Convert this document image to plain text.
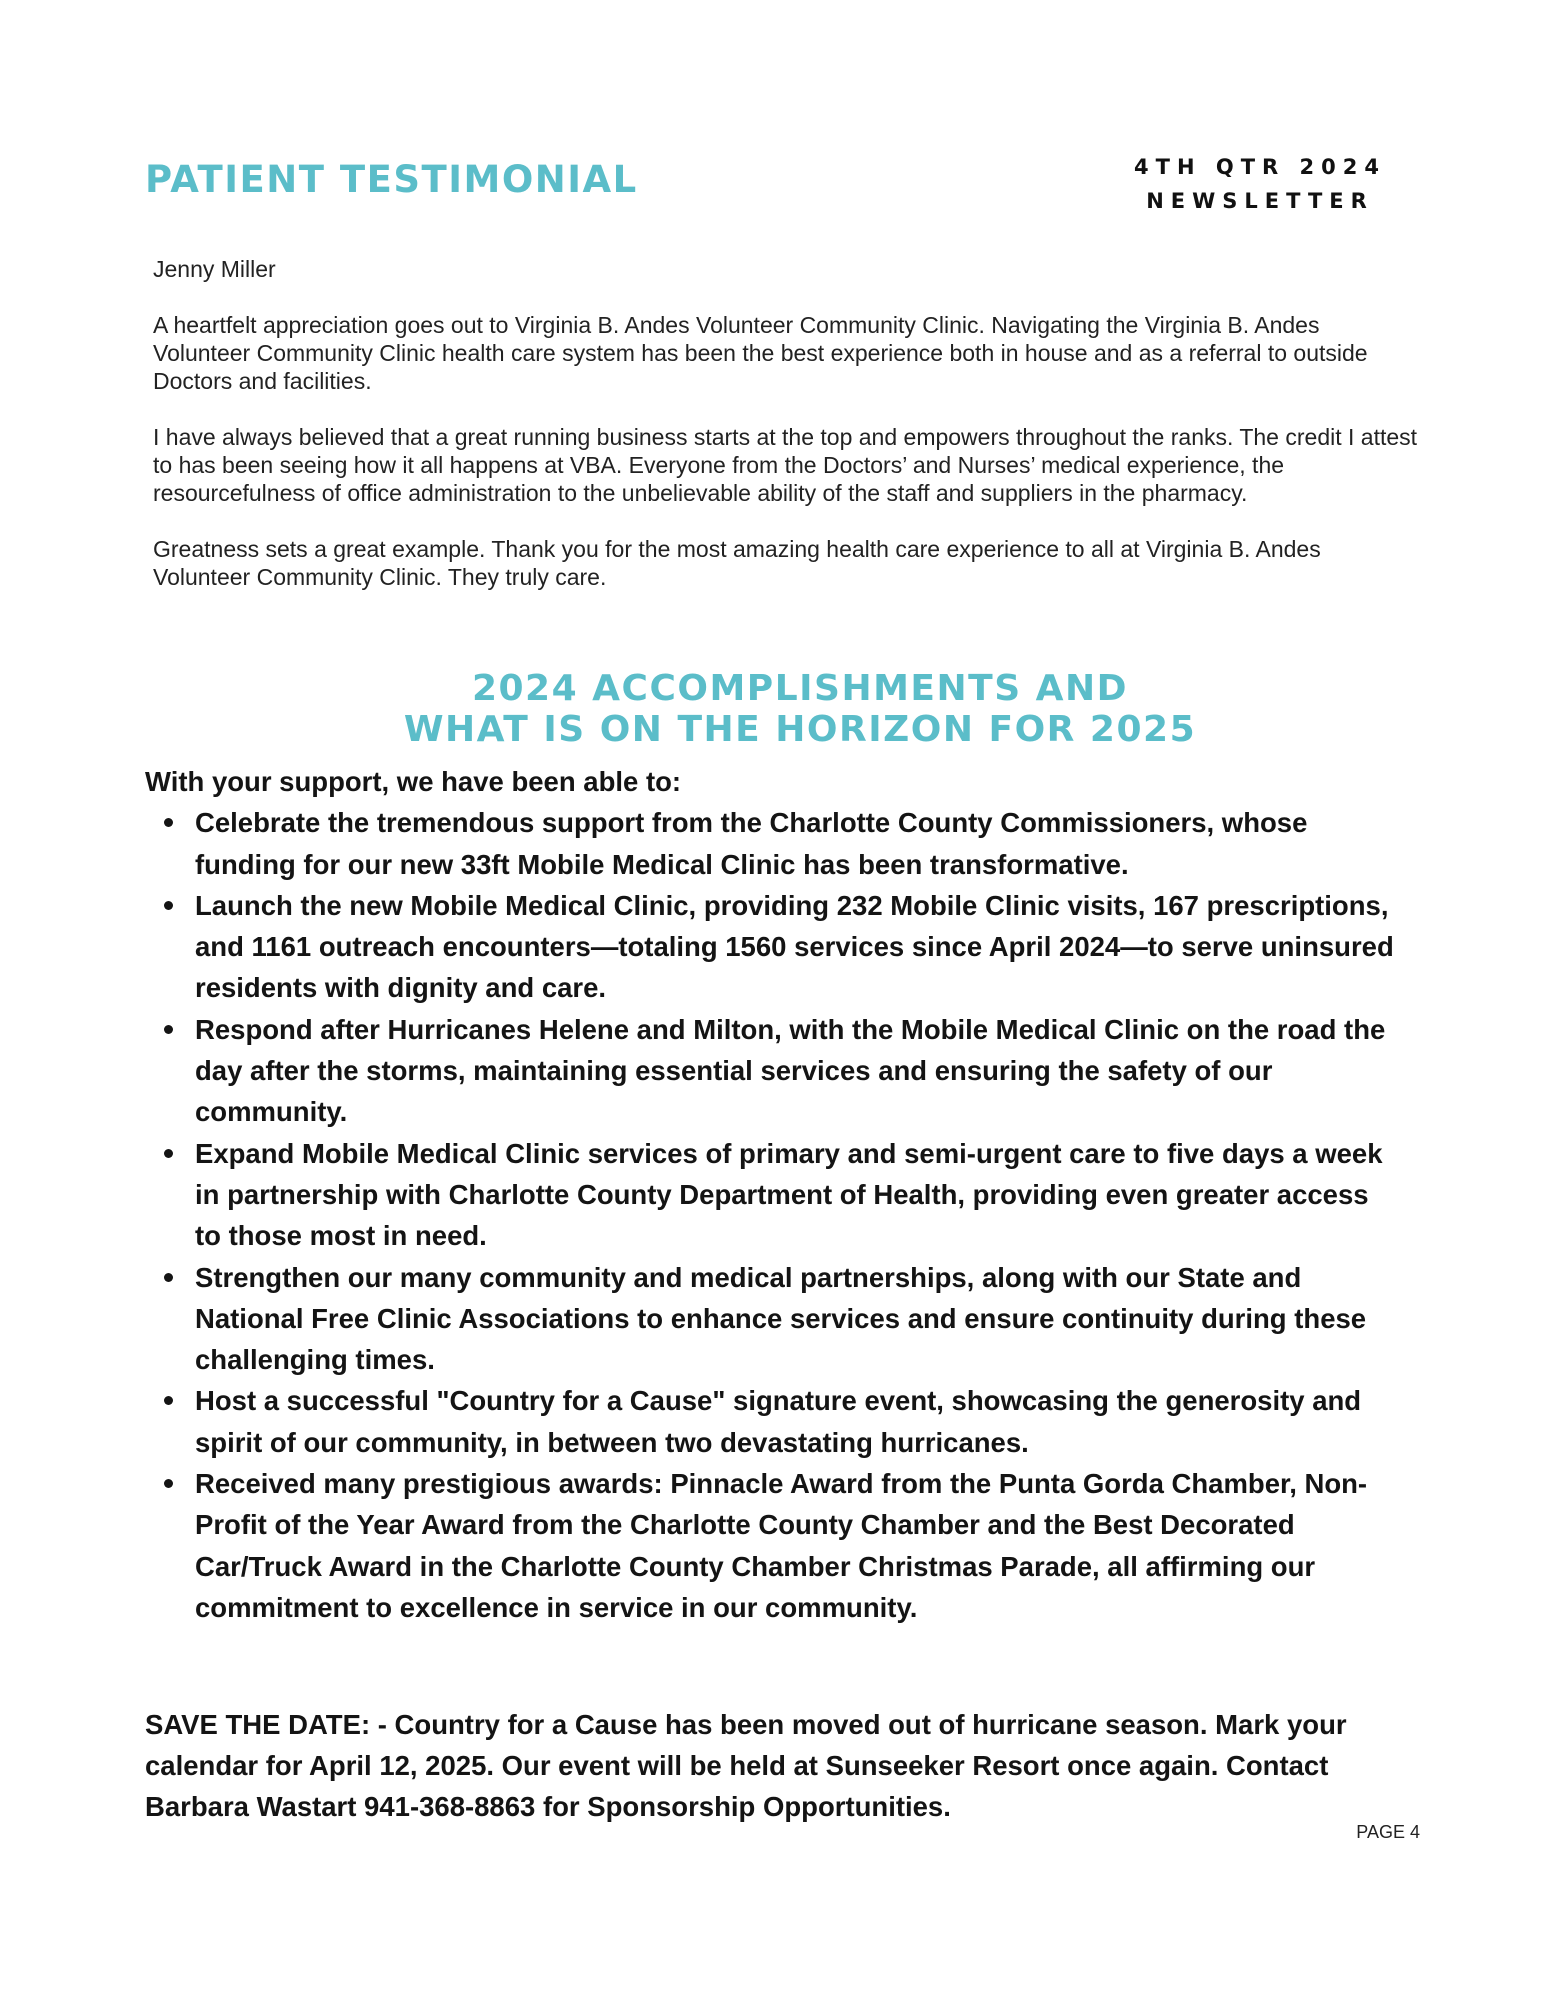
PATIENT TESTIMONIAL	4TH QTR 2024
NEWSLETTER

Jenny Miller

A heartfelt appreciation goes out to Virginia B. Andes Volunteer Community Clinic. Navigating the Virginia B. Andes Volunteer Community Clinic health care system has been the best experience both in house and as a referral to outside Doctors and facilities.

I have always believed that a great running business starts at the top and empowers throughout the ranks. The credit I attest to has been seeing how it all happens at VBA. Everyone from the Doctors’ and Nurses’ medical experience, the resourcefulness of office administration to the unbelievable ability of the staff and suppliers in the pharmacy.

Greatness sets a great example. Thank you for the most amazing health care experience to all at Virginia B. Andes Volunteer Community Clinic. They truly care.

2024 ACCOMPLISHMENTS AND
WHAT IS ON THE HORIZON FOR 2025

With your support, we have been able to:

Celebrate the tremendous support from the Charlotte County Commissioners, whose funding for our new 33ft Mobile Medical Clinic has been transformative.
Launch the new Mobile Medical Clinic, providing 232 Mobile Clinic visits, 167 prescriptions, and 1161 outreach encounters—totaling 1560 services since April 2024—to serve uninsured residents with dignity and care.
Respond after Hurricanes Helene and Milton, with the Mobile Medical Clinic on the road the day after the storms, maintaining essential services and ensuring the safety of our community.
Expand Mobile Medical Clinic services of primary and semi-urgent care to five days a week in partnership with Charlotte County Department of Health, providing even greater access to those most in need.
Strengthen our many community and medical partnerships, along with our State and National Free Clinic Associations to enhance services and ensure continuity during these challenging times.
Host a successful "Country for a Cause" signature event, showcasing the generosity and spirit of our community, in between two devastating hurricanes.
Received many prestigious awards: Pinnacle Award from the Punta Gorda Chamber, Non-Profit of the Year Award from the Charlotte County Chamber and the Best Decorated Car/Truck Award in the Charlotte County Chamber Christmas Parade, all affirming our commitment to excellence in service in our community.

SAVE THE DATE: - Country for a Cause has been moved out of hurricane season. Mark your calendar for April 12, 2025. Our event will be held at Sunseeker Resort once again. Contact Barbara Wastart 941-368-8863 for Sponsorship Opportunities.

PAGE 4
